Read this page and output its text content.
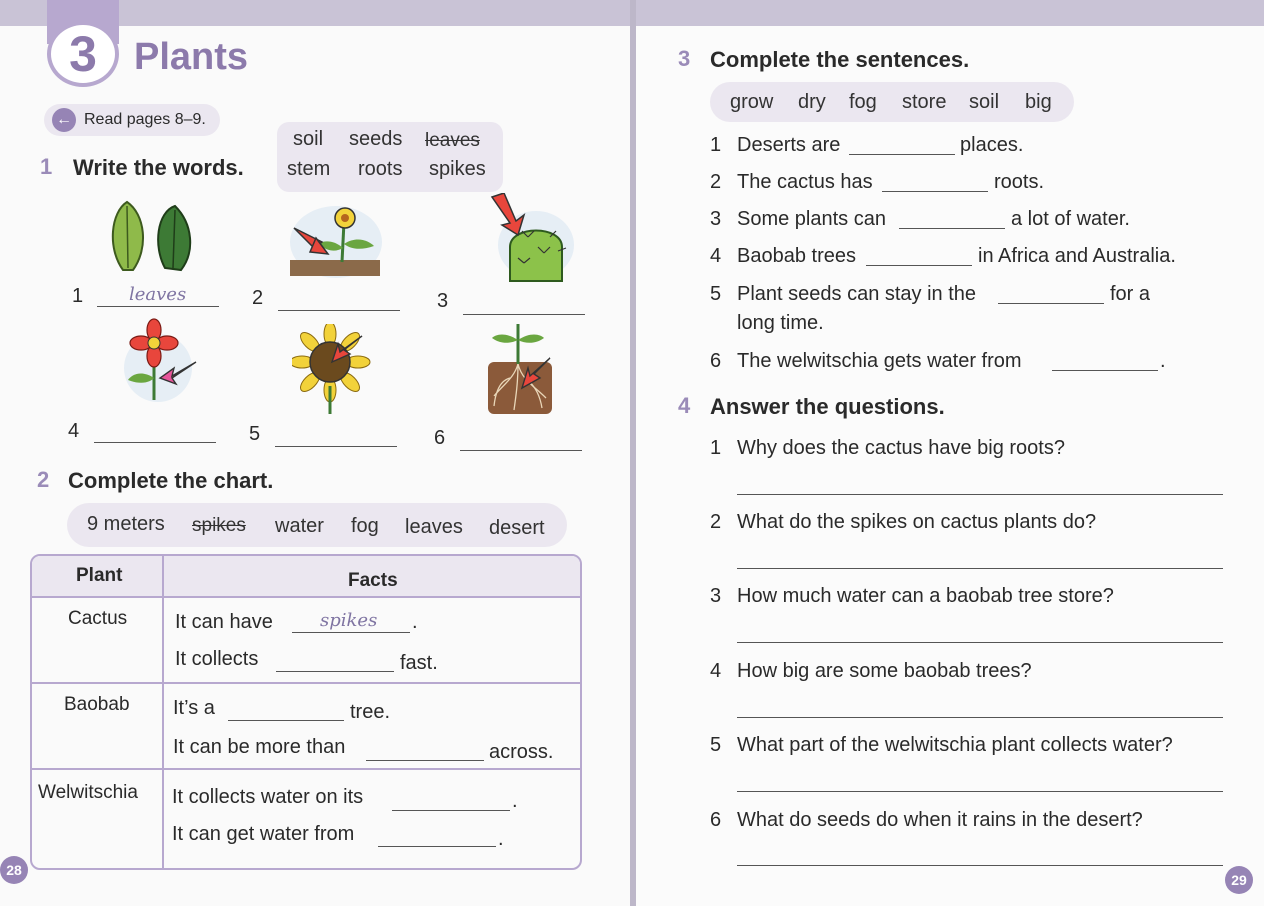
3 Plants
← Read pages 8–9.
1 Write the words.
soil seeds leaves
stem roots spikes
1	leaves	2	3
4	5	6
2 Complete the chart.
9 meters spikes water fog leaves desert
Plant	Facts
Cactus It can have	spikes .
It collects	fast.
Baobab It’s a	tree.
It can be more than	across.
Welwitschia It collects water on its	.
It can get water from	.
28
3 Complete the sentences.
grow dry fog store soil big
1 Deserts are	places.
2 The cactus has	roots.
3 Some plants can	a lot of water.
4 Baobab trees	in Africa and Australia.
5 Plant seeds can stay in the	for a
long time.
6 The welwitschia gets water from	.
4 Answer the questions.
1 Why does the cactus have big roots?
2 What do the spikes on cactus plants do?
3 How much water can a baobab tree store?
4 How big are some baobab trees?
5 What part of the welwitschia plant collects water?
6 What do seeds do when it rains in the desert?
29
